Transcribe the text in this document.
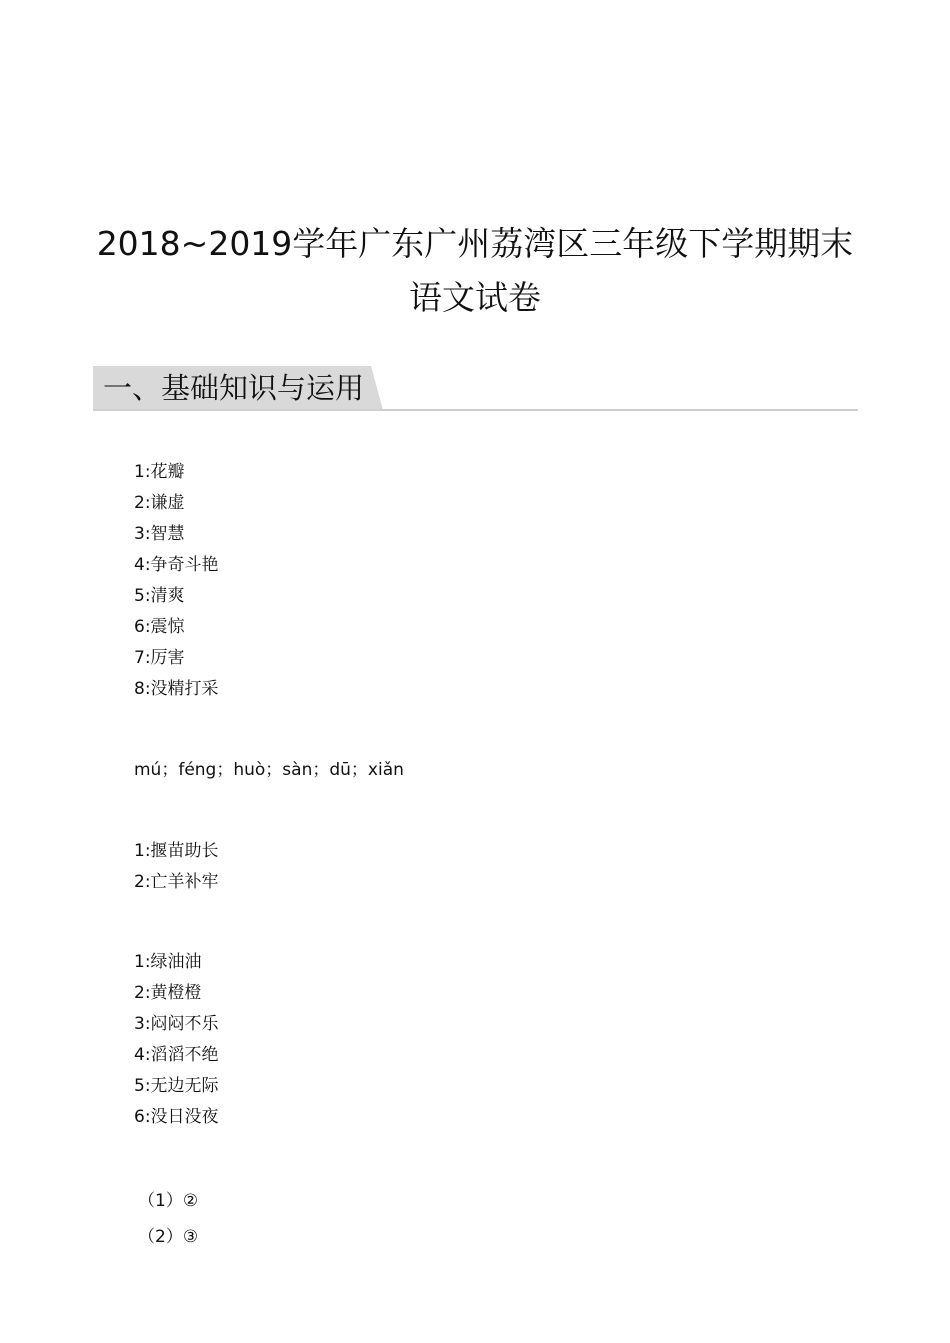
2018~2019学年广东广州荔湾区三年级下学期期末
语文试卷
一、基础知识与运用
1:花瓣
2:谦虚
3:智慧
4:争奇斗艳
5:清爽
6:震惊
7:厉害
8:没精打采
mú；féng；huò；sàn；dū；xiǎn
1:揠苗助长
2:亡羊补牢
1:绿油油
2:黄橙橙
3:闷闷不乐
4:滔滔不绝
5:无边无际
6:没日没夜
（1）②
（2）③
